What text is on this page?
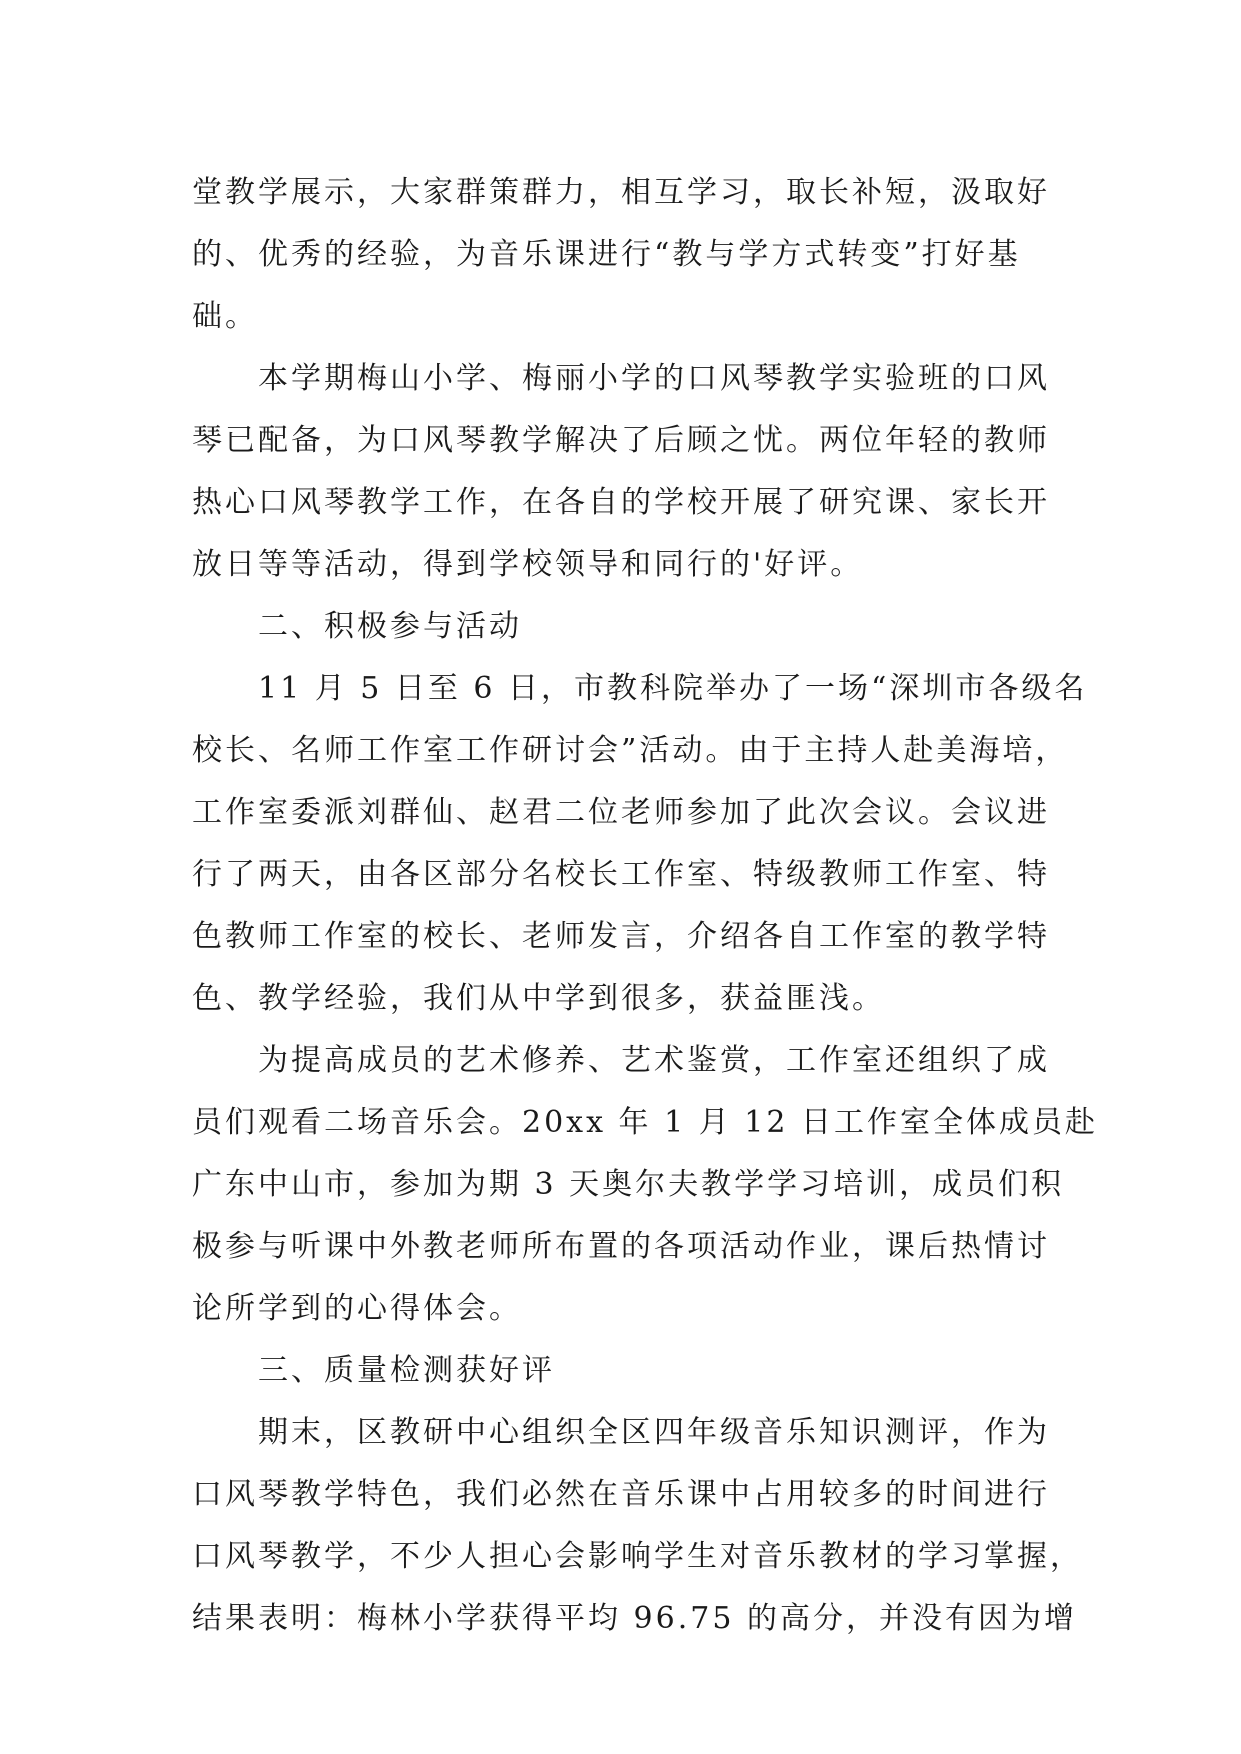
堂教学展示，大家群策群力，相互学习，取长补短，汲取好
的、优秀的经验，为音乐课进行“教与学方式转变”打好基
础。

本学期梅山小学、梅丽小学的口风琴教学实验班的口风
琴已配备，为口风琴教学解决了后顾之忧。两位年轻的教师
热心口风琴教学工作，在各自的学校开展了研究课、家长开
放日等等活动，得到学校领导和同行的'好评。

二、积极参与活动

11 月 5 日至 6 日，市教科院举办了一场“深圳市各级名
校长、名师工作室工作研讨会”活动。由于主持人赴美海培，
工作室委派刘群仙、赵君二位老师参加了此次会议。会议进
行了两天，由各区部分名校长工作室、特级教师工作室、特
色教师工作室的校长、老师发言，介绍各自工作室的教学特
色、教学经验，我们从中学到很多，获益匪浅。

为提高成员的艺术修养、艺术鉴赏，工作室还组织了成
员们观看二场音乐会。20xx 年 1 月 12 日工作室全体成员赴
广东中山市，参加为期 3 天奥尔夫教学学习培训，成员们积
极参与听课中外教老师所布置的各项活动作业，课后热情讨
论所学到的心得体会。

三、质量检测获好评

期末，区教研中心组织全区四年级音乐知识测评，作为
口风琴教学特色，我们必然在音乐课中占用较多的时间进行
口风琴教学，不少人担心会影响学生对音乐教材的学习掌握，
结果表明：梅林小学获得平均 96.75 的高分，并没有因为增
